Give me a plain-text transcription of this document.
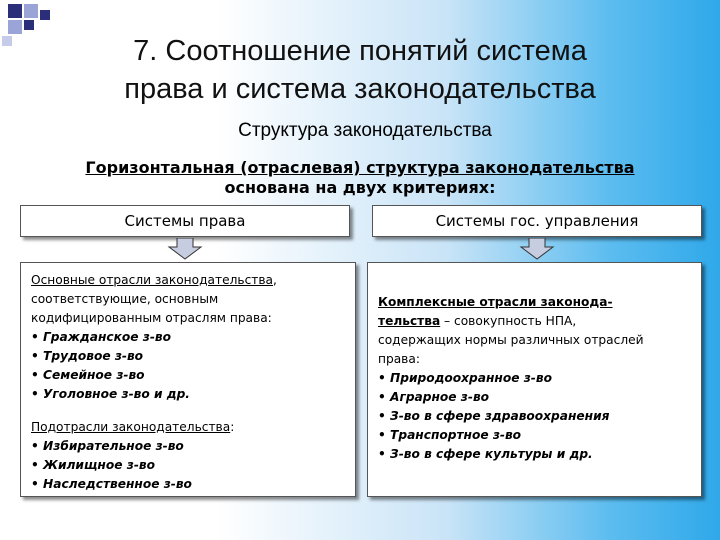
7. Соотношение понятий система
права и система законодательства
Структура законодательства
Горизонтальная (отраслевая) структура законодательства
основана на двух критериях:
Системы права	Системы гос. управления
Основные отрасли законодательства,
соответствующие, основным
кодифицированным отраслям права:
• Гражданское з-во
• Трудовое з-во
• Семейное з-во
• Уголовное з-во и др.
Подотрасли законодательства:
• Избирательное з-во
• Жилищное з-во
• Наследственное з-во
Комплексные отрасли законода-
тельства – совокупность НПА,
содержащих нормы различных отраслей
права:
• Природоохранное з-во
• Аграрное з-во
• З-во в сфере здравоохранения
• Транспортное з-во
• З-во в сфере культуры и др.
